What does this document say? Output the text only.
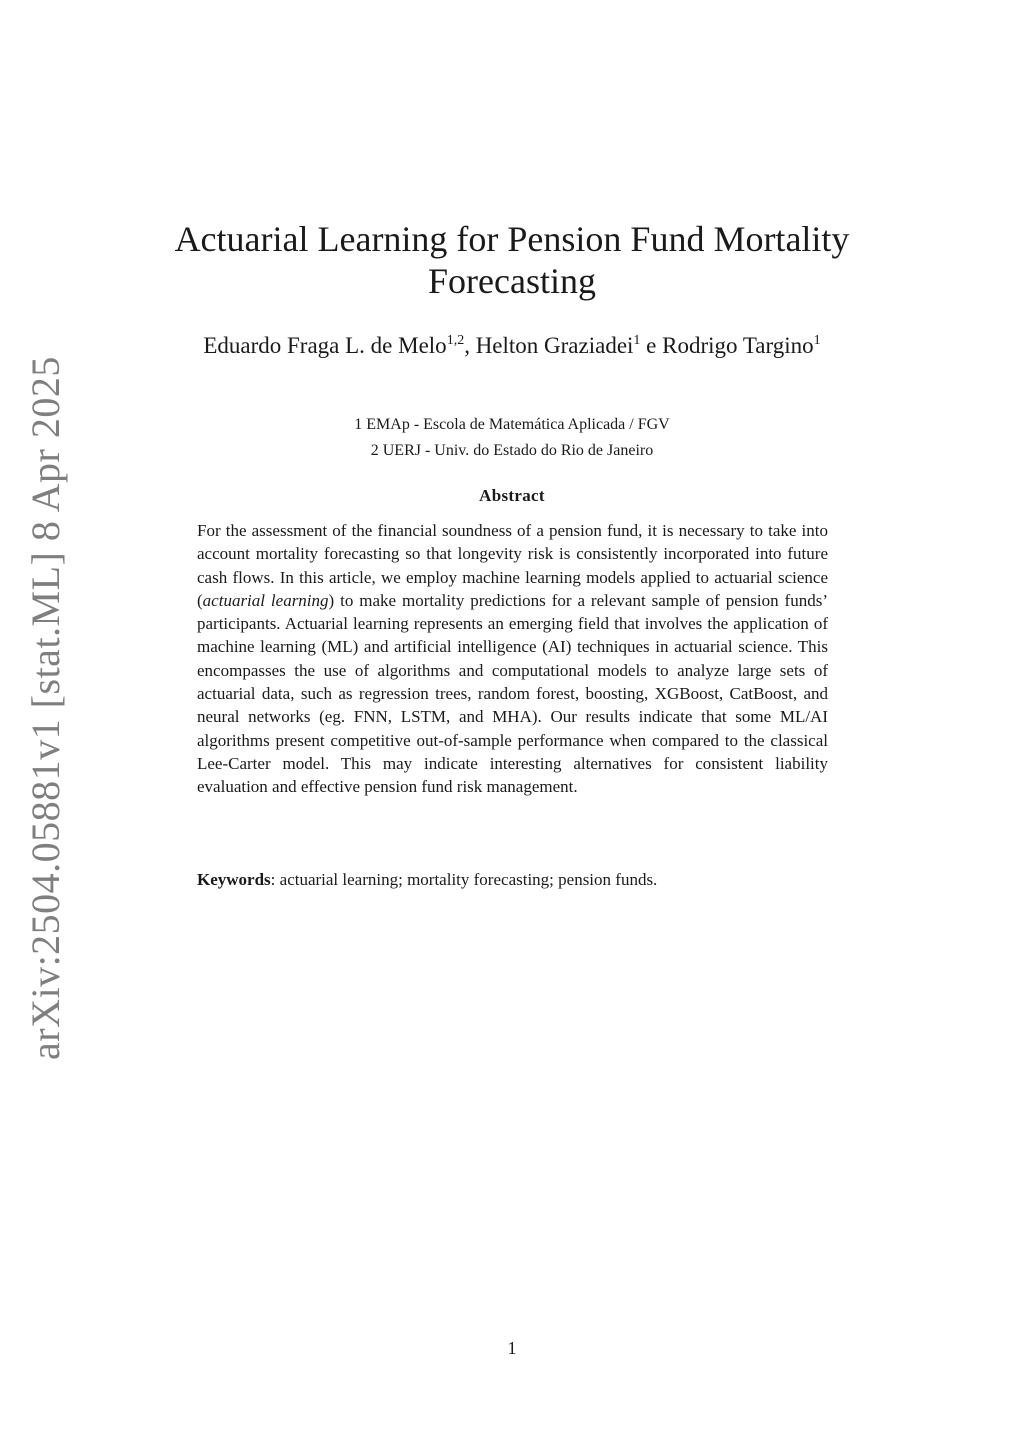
arXiv:2504.05881v1 [stat.ML] 8 Apr 2025
Actuarial Learning for Pension Fund Mortality Forecasting
Eduardo Fraga L. de Melo$^{1,2}$, Helton Graziadei$^1$ e Rodrigo Targino$^1$
1 EMAp - Escola de Matemática Aplicada / FGV
2 UERJ - Univ. do Estado do Rio de Janeiro
Abstract

For the assessment of the financial soundness of a pension fund, it is necessary to take into account mortality forecasting so that longevity risk is consistently incorporated into future cash flows. In this article, we employ machine learning models applied to actuarial science (actuarial learning) to make mortality predictions for a relevant sample of pension funds’ participants. Actuarial learning represents an emerging field that involves the application of machine learning (ML) and artificial intelligence (AI) techniques in actuarial science. This encompasses the use of algorithms and computational models to analyze large sets of actuarial data, such as regression trees, random forest, boosting, XGBoost, CatBoost, and neural networks (eg. FNN, LSTM, and MHA). Our results indicate that some ML/AI algorithms present competitive out-of-sample performance when compared to the classical Lee-Carter model. This may indicate interesting alternatives for consistent liability evaluation and effective pension fund risk management.

Keywords: actuarial learning; mortality forecasting; pension funds.
1
